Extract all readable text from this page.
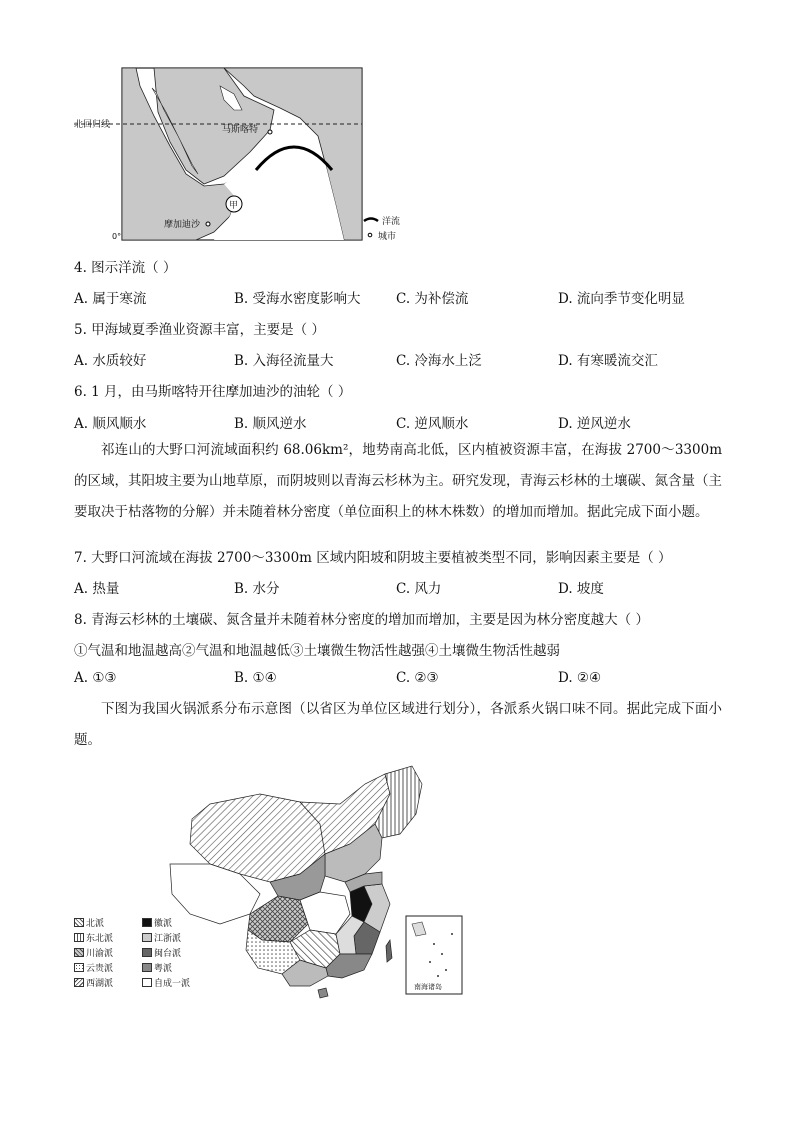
北回归线	马斯喀特
摩加迪沙
甲
0°
洋流
城市
4. 图示洋流（ ）
A. 属于寒流	B. 受海水密度影响大	C. 为补偿流	D. 流向季节变化明显
5. 甲海域夏季渔业资源丰富，主要是（ ）
A. 水质较好	B. 入海径流量大	C. 冷海水上泛	D. 有寒暖流交汇
6. 1 月，由马斯喀特开往摩加迪沙的油轮（ ）
A. 顺风顺水	B. 顺风逆水	C. 逆风顺水	D. 逆风逆水
祁连山的大野口河流域面积约 68.06km²，地势南高北低，区内植被资源丰富，在海拔 2700～3300m 的区域，其阳坡主要为山地草原，而阴坡则以青海云杉林为主。研究发现，青海云杉林的土壤碳、氮含量（主要取决于枯落物的分解）并未随着林分密度（单位面积上的林木株数）的增加而增加。据此完成下面小题。
7. 大野口河流域在海拔 2700～3300m 区域内阳坡和阴坡主要植被类型不同，影响因素主要是（ ）
A. 热量	B. 水分	C. 风力	D. 坡度
8. 青海云杉林的土壤碳、氮含量并未随着林分密度的增加而增加，主要是因为林分密度越大（ ）
①气温和地温越高②气温和地温越低③土壤微生物活性越强④土壤微生物活性越弱
A. ①③	B. ①④	C. ②③	D. ②④
下图为我国火锅派系分布示意图（以省区为单位区域进行划分），各派系火锅口味不同。据此完成下面小题。
南海诸岛
北派	徽派
东北派	江浙派
川渝派	闽台派
云贵派	粤派
西湖派	自成一派
